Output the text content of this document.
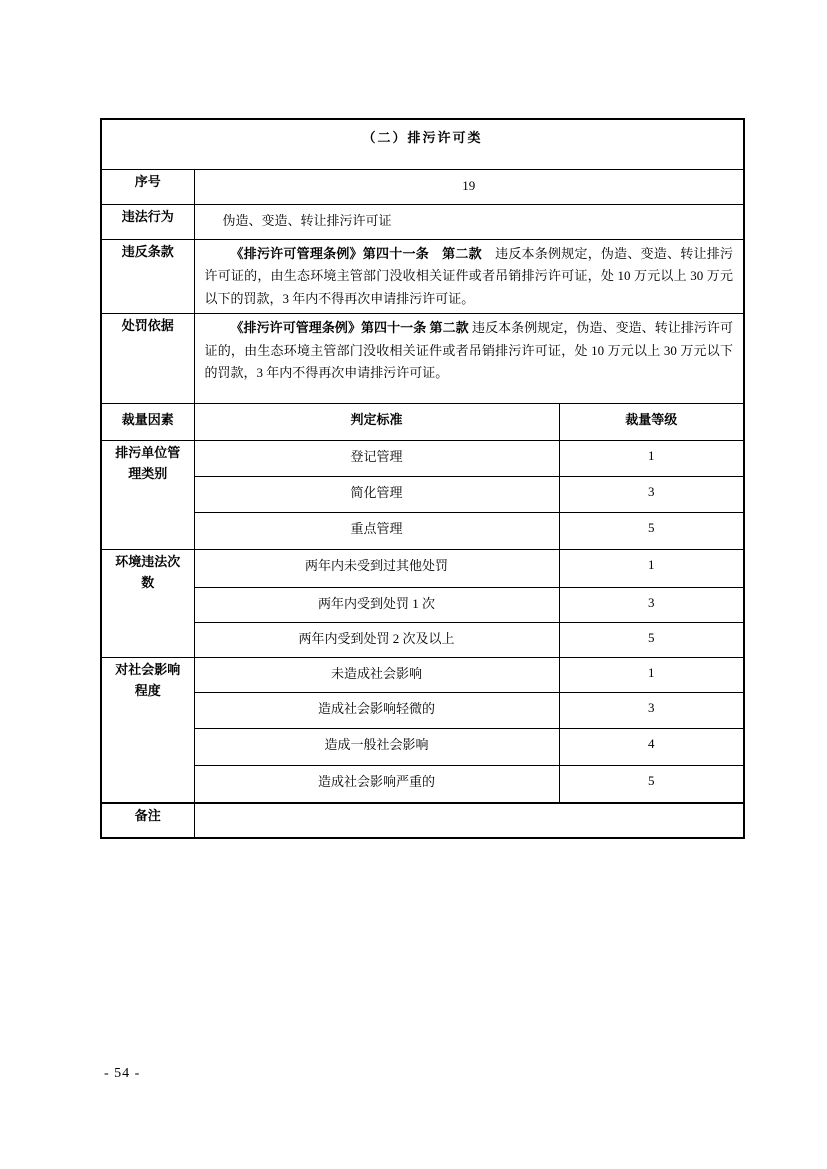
（二）排污许可类		
序号	19	
违法行为	伪造、变造、转让排污许可证	
违反条款	《排污许可管理条例》第四十一条　第二款　违反本条例规定，伪造、变造、转让排污许可证的，由生态环境主管部门没收相关证件或者吊销排污许可证，处 10 万元以上 30 万元以下的罚款，3 年内不得再次申请排污许可证。	

处罚依据	《排污许可管理条例》第四十一条 第二款 违反本条例规定，伪造、变造、转让排污许可证的，由生态环境主管部门没收相关证件或者吊销排污许可证，处 10 万元以上 30 万元以下的罚款，3 年内不得再次申请排污许可证。	

裁量因素	判定标准	裁量等级
排污单位管理类别	登记管理	1
	简化管理	3
	重点管理	5
环境违法次数	两年内未受到过其他处罚	1
	两年内受到处罚 1 次	3
	两年内受到处罚 2 次及以上	5
对社会影响程度	未造成社会影响	1
	造成社会影响轻微的	3
	造成一般社会影响	4
	造成社会影响严重的	5
备注		
- 54 -
